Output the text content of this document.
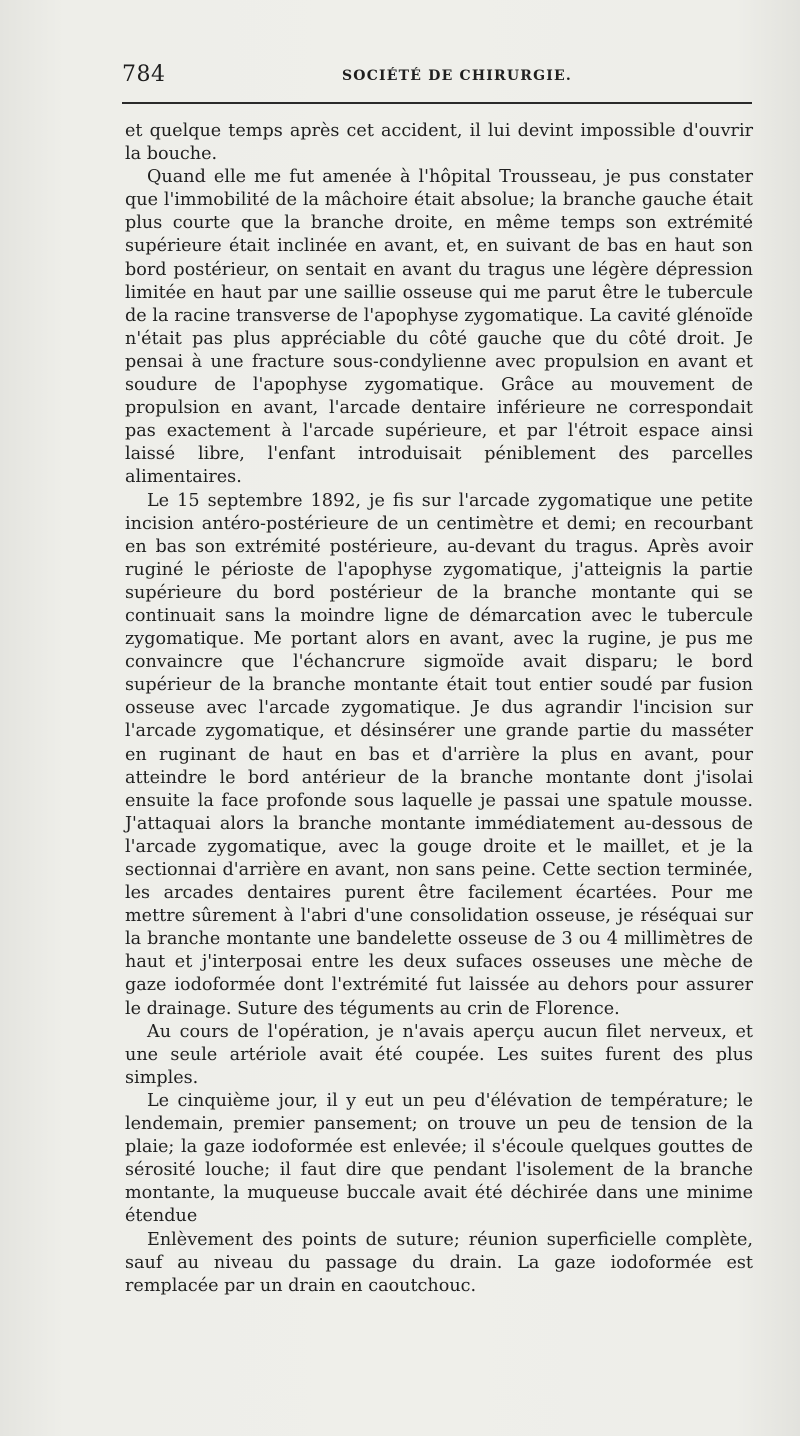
784	SOCIÉTÉ DE CHIRURGIE.

et quelque temps après cet accident, il lui devint impossible d'ouvrir la bouche.

Quand elle me fut amenée à l'hôpital Trousseau, je pus constater que l'immobilité de la mâchoire était absolue; la branche gauche était plus courte que la branche droite, en même temps son extrémité supérieure était inclinée en avant, et, en suivant de bas en haut son bord postérieur, on sentait en avant du tragus une légère dépression limitée en haut par une saillie osseuse qui me parut être le tubercule de la racine transverse de l'apophyse zygomatique. La cavité glénoïde n'était pas plus appréciable du côté gauche que du côté droit. Je pensai à une fracture sous-condylienne avec propulsion en avant et soudure de l'apophyse zygomatique. Grâce au mouvement de propulsion en avant, l'arcade dentaire inférieure ne correspondait pas exactement à l'arcade supérieure, et par l'étroit espace ainsi laissé libre, l'enfant introduisait péniblement des parcelles alimentaires.

Le 15 septembre 1892, je fis sur l'arcade zygomatique une petite incision antéro-postérieure de un centimètre et demi; en recourbant en bas son extrémité postérieure, au-devant du tragus. Après avoir ruginé le périoste de l'apophyse zygomatique, j'atteignis la partie supérieure du bord postérieur de la branche montante qui se continuait sans la moindre ligne de démarcation avec le tubercule zygomatique. Me portant alors en avant, avec la rugine, je pus me convaincre que l'échancrure sigmoïde avait disparu; le bord supérieur de la branche montante était tout entier soudé par fusion osseuse avec l'arcade zygomatique. Je dus agrandir l'incision sur l'arcade zygomatique, et désinsérer une grande partie du masséter en ruginant de haut en bas et d'arrière la plus en avant, pour atteindre le bord antérieur de la branche montante dont j'isolai ensuite la face profonde sous laquelle je passai une spatule mousse. J'attaquai alors la branche montante immédiatement au-dessous de l'arcade zygomatique, avec la gouge droite et le maillet, et je la sectionnai d'arrière en avant, non sans peine. Cette section terminée, les arcades dentaires purent être facilement écartées. Pour me mettre sûrement à l'abri d'une consolidation osseuse, je réséquai sur la branche montante une bandelette osseuse de 3 ou 4 millimètres de haut et j'interposai entre les deux sufaces osseuses une mèche de gaze iodoformée dont l'extrémité fut laissée au dehors pour assurer le drainage. Suture des téguments au crin de Florence.

Au cours de l'opération, je n'avais aperçu aucun filet nerveux, et une seule artériole avait été coupée. Les suites furent des plus simples.

Le cinquième jour, il y eut un peu d'élévation de température; le lendemain, premier pansement; on trouve un peu de tension de la plaie; la gaze iodoformée est enlevée; il s'écoule quelques gouttes de sérosité louche; il faut dire que pendant l'isolement de la branche montante, la muqueuse buccale avait été déchirée dans une minime étendue

Enlèvement des points de suture; réunion superficielle complète, sauf au niveau du passage du drain. La gaze iodoformée est remplacée par un drain en caoutchouc.
